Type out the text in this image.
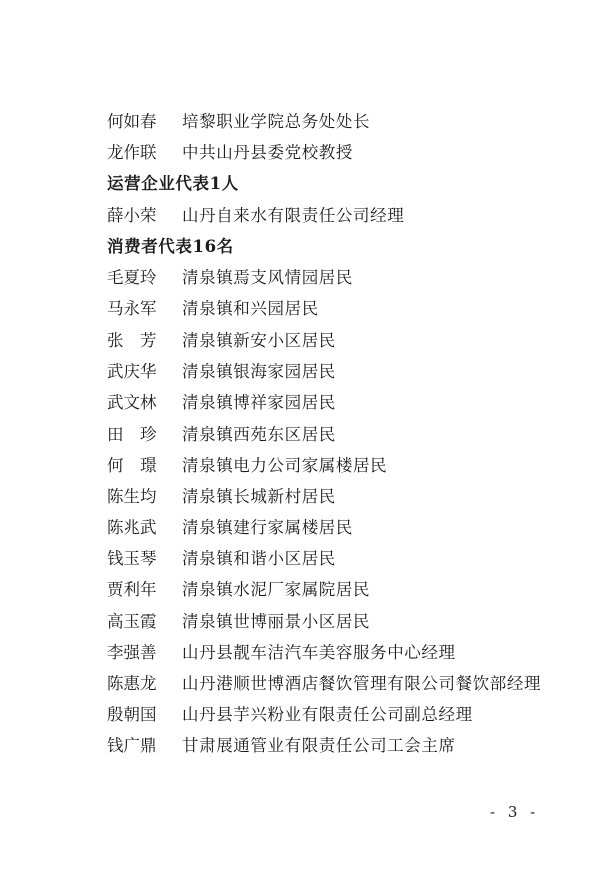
何如春 培黎职业学院总务处处长
龙作联 中共山丹县委党校教授
运营企业代表1人
薛小荣 山丹自来水有限责任公司经理
消费者代表16名
毛夏玲 清泉镇焉支风情园居民
马永军 清泉镇和兴园居民
张　芳 清泉镇新安小区居民
武庆华 清泉镇银海家园居民
武文林 清泉镇博祥家园居民
田　珍 清泉镇西苑东区居民
何　璟 清泉镇电力公司家属楼居民
陈生均 清泉镇长城新村居民
陈兆武 清泉镇建行家属楼居民
钱玉琴 清泉镇和谐小区居民
贾利年 清泉镇水泥厂家属院居民
高玉霞 清泉镇世博丽景小区居民
李强善 山丹县靓车洁汽车美容服务中心经理
陈惠龙 山丹港顺世博酒店餐饮管理有限公司餐饮部经理
殷朝国 山丹县芋兴粉业有限责任公司副总经理
钱广鼎 甘肃展通管业有限责任公司工会主席
- 3 -
